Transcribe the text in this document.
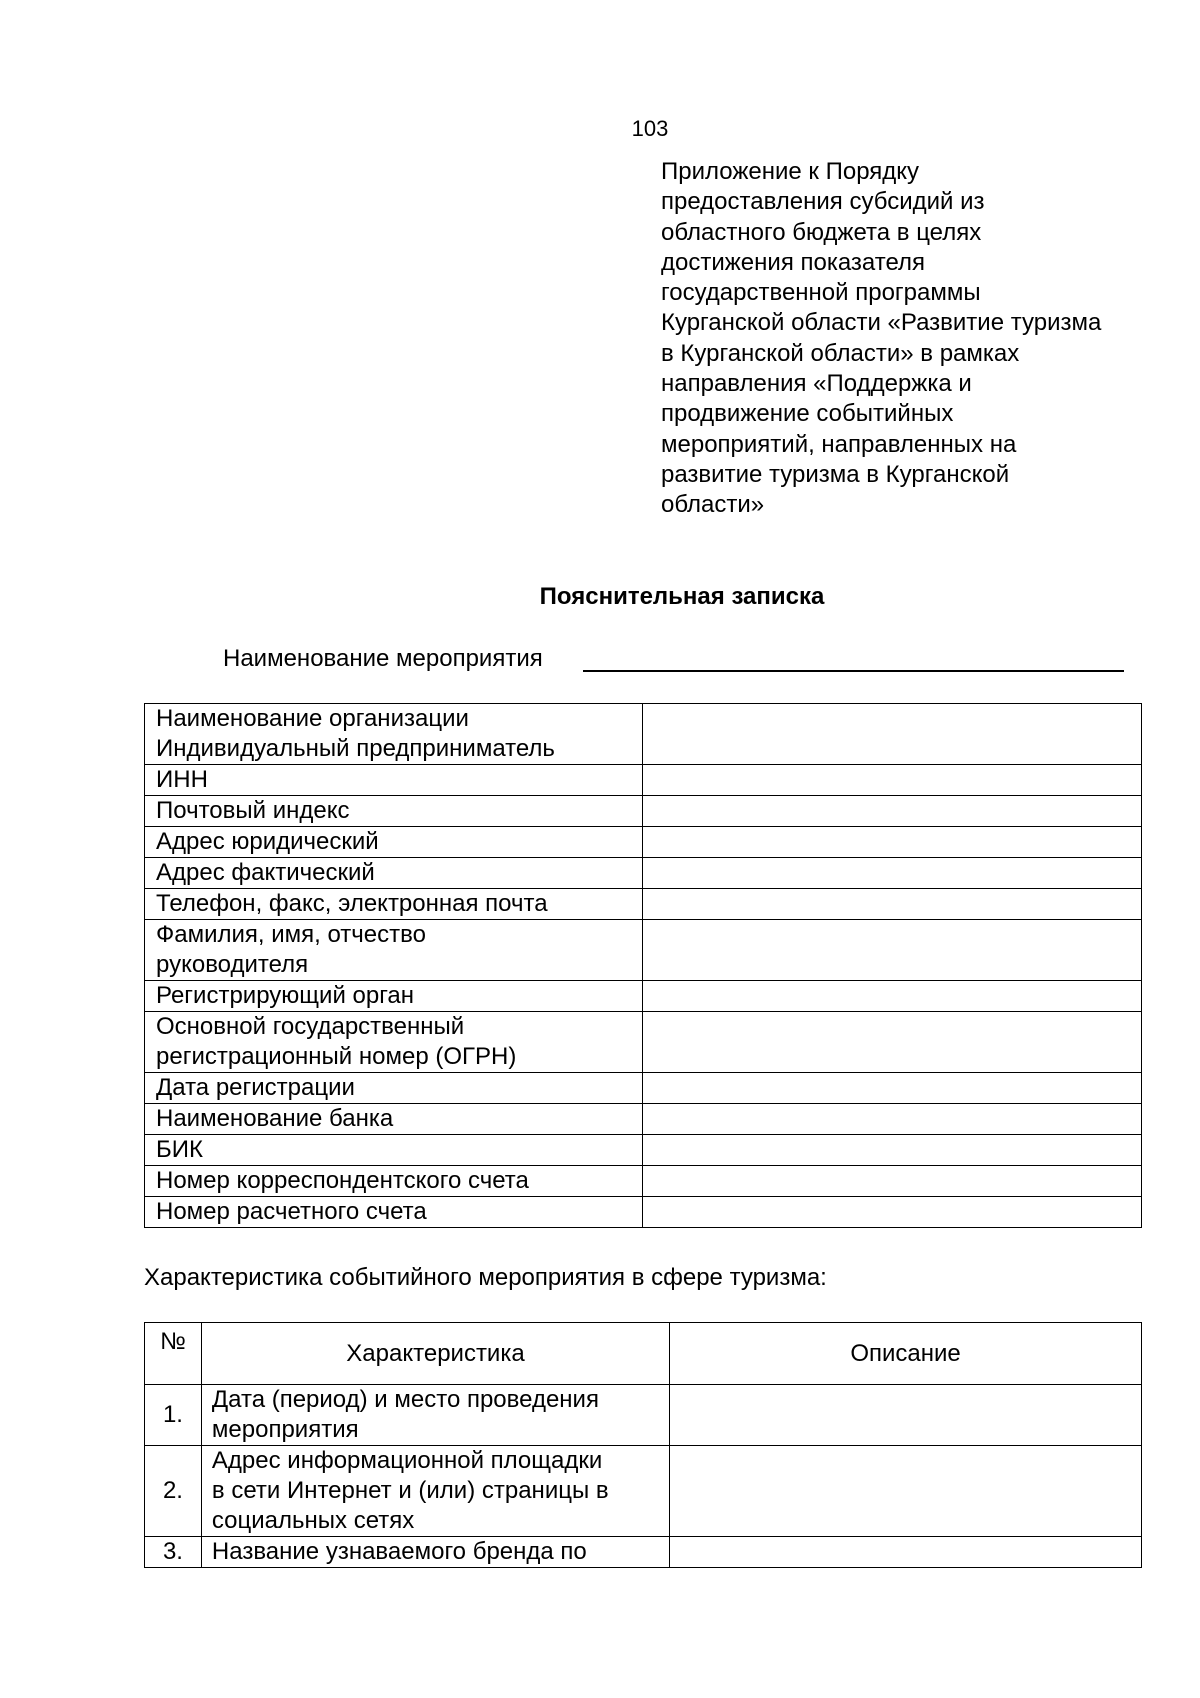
103
Приложение к Порядку
предоставления субсидий из
областного бюджета в целях
достижения показателя
государственной программы
Курганской области «Развитие туризма
в Курганской области» в рамках
направления «Поддержка и
продвижение событийных
мероприятий, направленных на
развитие туризма в Курганской
области»
Пояснительная записка
Наименование мероприятия
Наименование организации
Индивидуальный предприниматель	

ИНН	
Почтовый индекс	
Адрес юридический	
Адрес фактический	
Телефон, факс, электронная почта	

Фамилия, имя, отчество
руководителя	

Регистрирующий орган	

Основной государственный
регистрационный номер (ОГРН)	

Дата регистрации	
Наименование банка	
БИК	
Номер корреспондентского счета	
Номер расчетного счета	
Характеристика событийного мероприятия в сфере туризма:
№	Характеристика	Описание
1.	Дата (период) и место проведения
мероприятия	

2.	Адрес информационной площадки
в сети Интернет и (или) страницы в
социальных сетях	

3.	Название узнаваемого бренда по	
